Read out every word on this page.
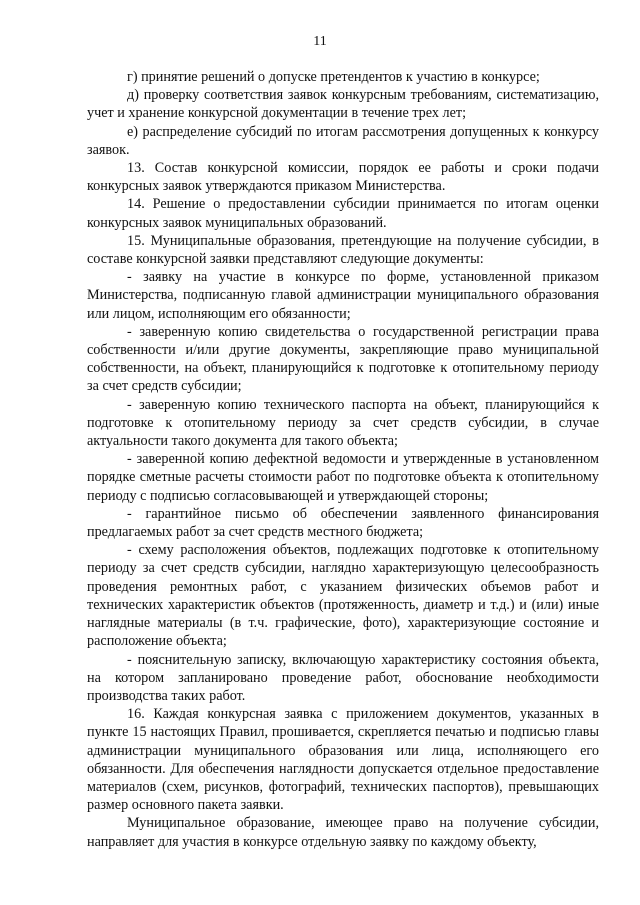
11

г) принятие решений о допуске претендентов к участию в конкурсе;

д) проверку соответствия заявок конкурсным требованиям, систематизацию, учет и хранение конкурсной документации в течение трех лет;

е) распределение субсидий по итогам рассмотрения допущенных к конкурсу заявок.

13. Состав конкурсной комиссии, порядок ее работы и сроки подачи конкурсных заявок утверждаются приказом Министерства.

14. Решение о предоставлении субсидии принимается по итогам оценки конкурсных заявок муниципальных образований.

15. Муниципальные образования, претендующие на получение субсидии, в составе конкурсной заявки представляют следующие документы:

- заявку на участие в конкурсе по форме, установленной приказом Министерства, подписанную главой администрации муниципального образования или лицом, исполняющим его обязанности;

- заверенную копию свидетельства о государственной регистрации права собственности и/или другие документы, закрепляющие право муниципальной собственности, на объект, планирующийся к подготовке к отопительному периоду за счет средств субсидии;

- заверенную копию технического паспорта на объект, планирующийся к подготовке к отопительному периоду за счет средств субсидии, в случае актуальности такого документа для такого объекта;

- заверенной копию дефектной ведомости и утвержденные в установленном порядке сметные расчеты стоимости работ по подготовке объекта к отопительному периоду с подписью согласовывающей и утверждающей стороны;

- гарантийное письмо об обеспечении заявленного финансирования предлагаемых работ за счет средств местного бюджета;

- схему расположения объектов, подлежащих подготовке к отопительному периоду за счет средств субсидии, наглядно характеризующую целесообразность проведения ремонтных работ, с указанием физических объемов работ и технических характеристик объектов (протяженность, диаметр и т.д.) и (или) иные наглядные материалы (в т.ч. графические, фото), характеризующие состояние и расположение объекта;

- пояснительную записку, включающую характеристику состояния объекта, на котором запланировано проведение работ, обоснование необходимости производства таких работ.

16. Каждая конкурсная заявка с приложением документов, указанных в пункте 15 настоящих Правил, прошивается, скрепляется печатью и подписью главы администрации муниципального образования или лица, исполняющего его обязанности. Для обеспечения наглядности допускается отдельное предоставление материалов (схем, рисунков, фотографий, технических паспортов), превышающих размер основного пакета заявки.

Муниципальное образование, имеющее право на получение субсидии, направляет для участия в конкурсе отдельную заявку по каждому объекту,
